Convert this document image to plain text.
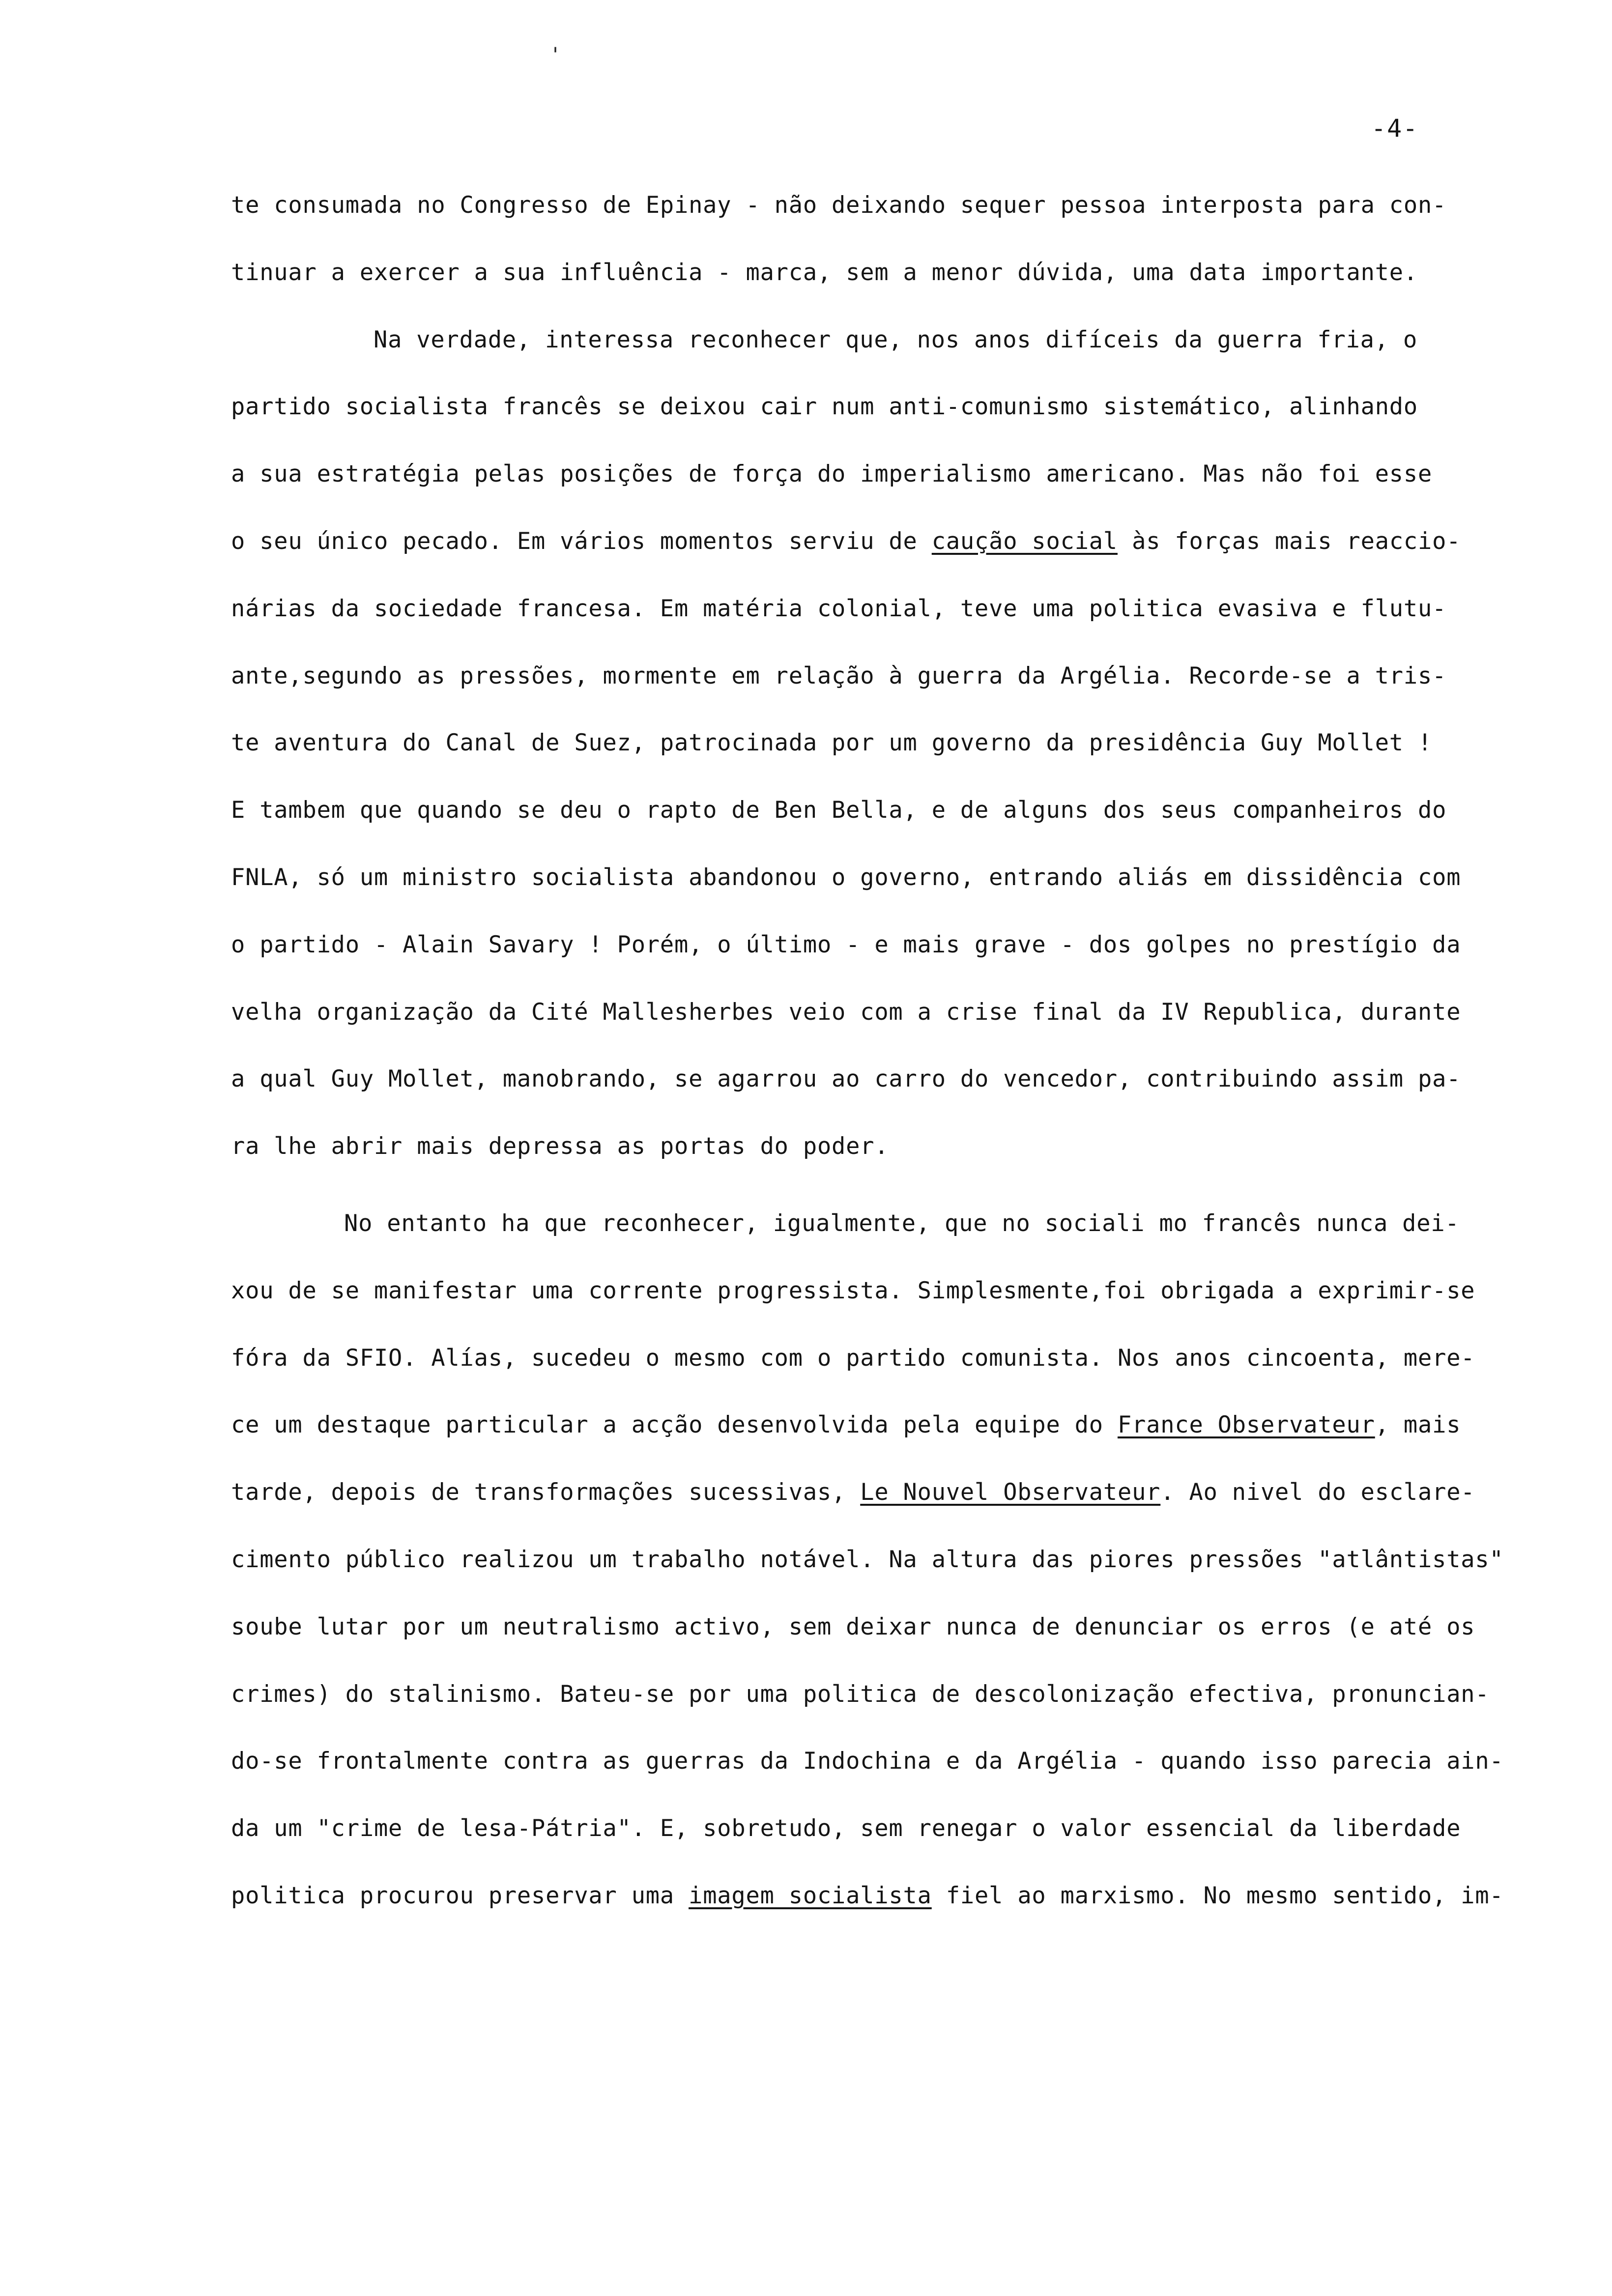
'
-4-
te consumada no Congresso de Epinay - não deixando sequer pessoa interposta para con-
tinuar a exercer a sua influência - marca, sem a menor dúvida, uma data importante.
Na verdade, interessa reconhecer que, nos anos difíceis da guerra fria, o
partido socialista francês se deixou cair num anti-comunismo sistemático, alinhando
a sua estratégia pelas posições de força do imperialismo americano. Mas não foi esse
o seu único pecado. Em vários momentos serviu de caução social às forças mais reaccio-
nárias da sociedade francesa. Em matéria colonial, teve uma politica evasiva e flutu-
ante,segundo as pressões, mormente em relação à guerra da Argélia. Recorde-se a tris-
te aventura do Canal de Suez, patrocinada por um governo da presidência Guy Mollet !
E tambem que quando se deu o rapto de Ben Bella, e de alguns dos seus companheiros do
FNLA, só um ministro socialista abandonou o governo, entrando aliás em dissidência com
o partido - Alain Savary ! Porém, o último - e mais grave - dos golpes no prestígio da
velha organização da Cité Mallesherbes veio com a crise final da IV Republica, durante
a qual Guy Mollet, manobrando, se agarrou ao carro do vencedor, contribuindo assim pa-
ra lhe abrir mais depressa as portas do poder.
No entanto ha que reconhecer, igualmente, que no sociali mo francês nunca dei-
xou de se manifestar uma corrente progressista. Simplesmente,foi obrigada a exprimir-se
fóra da SFIO. Alías, sucedeu o mesmo com o partido comunista. Nos anos cincoenta, mere-
ce um destaque particular a acção desenvolvida pela equipe do France Observateur, mais
tarde, depois de transformações sucessivas, Le Nouvel Observateur. Ao nivel do esclare-
cimento público realizou um trabalho notável. Na altura das piores pressões "atlântistas"
soube lutar por um neutralismo activo, sem deixar nunca de denunciar os erros (e até os
crimes) do stalinismo. Bateu-se por uma politica de descolonização efectiva, pronuncian-
do-se frontalmente contra as guerras da Indochina e da Argélia - quando isso parecia ain-
da um "crime de lesa-Pátria". E, sobretudo, sem renegar o valor essencial da liberdade
politica procurou preservar uma imagem socialista fiel ao marxismo. No mesmo sentido, im-
